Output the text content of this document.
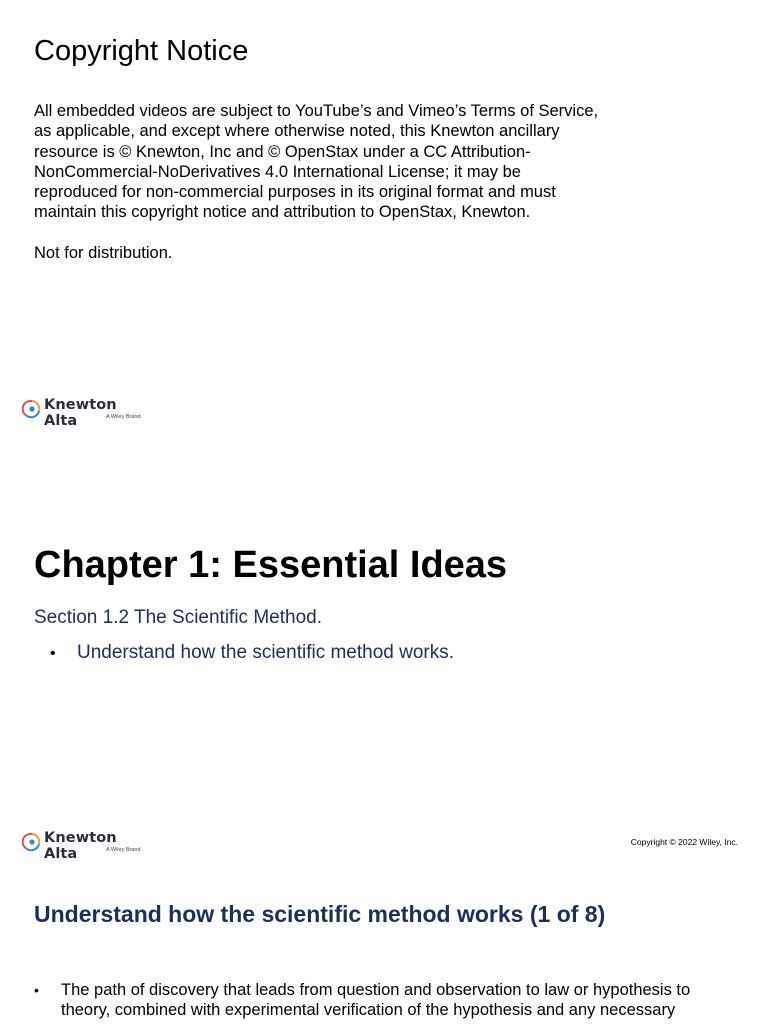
Copyright Notice

All embedded videos are subject to YouTube’s and Vimeo’s Terms of Service, as applicable, and except where otherwise noted, this Knewton ancillary resource is © Knewton, Inc and © OpenStax under a CC Attribution-NonCommercial-NoDerivatives 4.0 International License; it may be reproduced for non-commercial purposes in its original format and must maintain this copyright notice and attribution to OpenStax, Knewton.

Not for distribution.

Knewton Alta	A Wiley Brand
Chapter 1: Essential Ideas
Section 1.2 The Scientific Method.
• Understand how the scientific method works.
Knewton Alta	A Wiley Brand
Copyright © 2022 Wiley, Inc.
Understand how the scientific method works (1 of 8)
• The path of discovery that leads from question and observation to law or hypothesis to theory, combined with experimental verification of the hypothesis and any necessary
